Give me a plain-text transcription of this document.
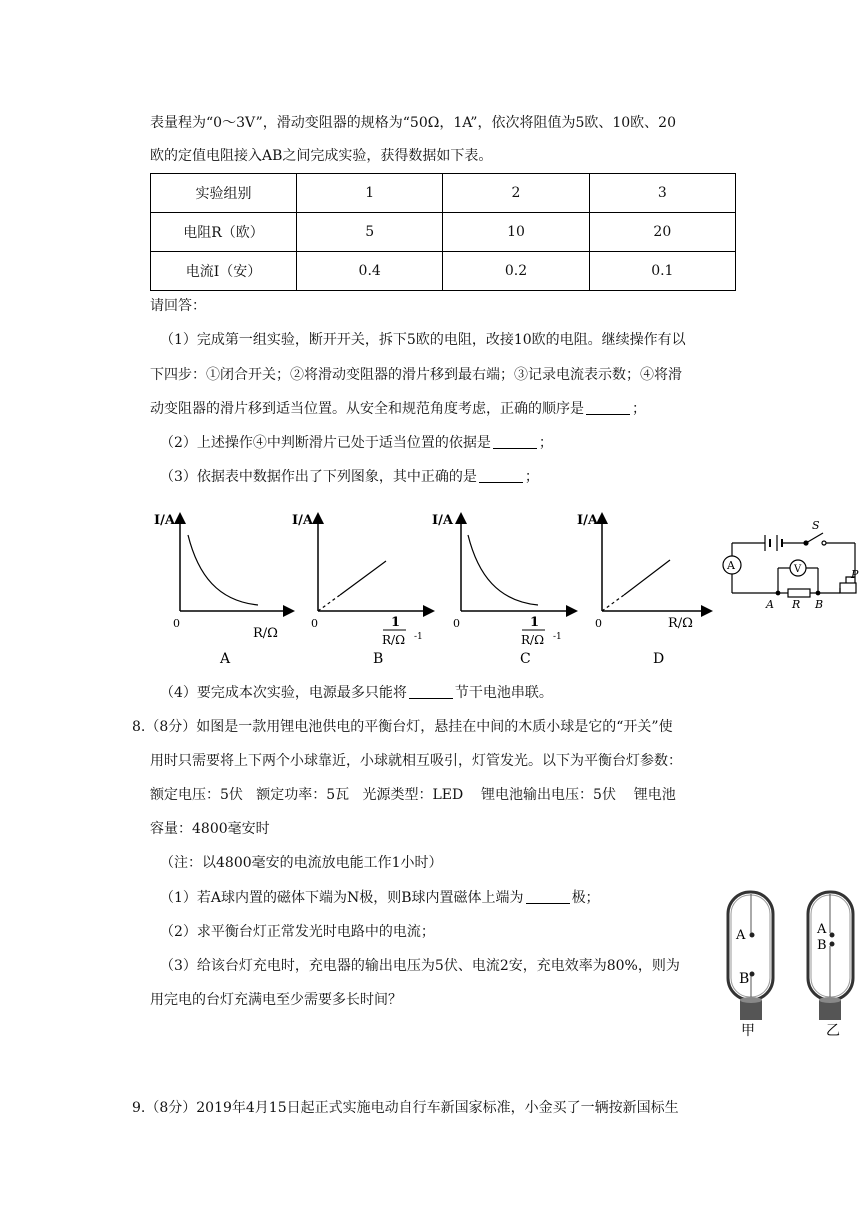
表量程为“0～3V”，滑动变阻器的规格为“50Ω，1A”，依次将阻值为5欧、10欧、20
欧的定值电阻接入AB之间完成实验，获得数据如下表。
实验组别	1	2	3
电阻R（欧）	5	10	20
电流I（安）	0.4	0.2	0.1
请回答：
（1）完成第一组实验，断开开关，拆下5欧的电阻，改接10欧的电阻。继续操作有以
下四步：①闭合开关；②将滑动变阻器的滑片移到最右端；③记录电流表示数；④将滑
动变阻器的滑片移到适当位置。从安全和规范角度考虑，正确的顺序是	；
（2）上述操作④中判断滑片已处于适当位置的依据是	；
（3）依据表中数据作出了下列图象，其中正确的是	；
I/A
0
R/Ω
A
I/A
0	1
R/Ω -1
B
I/A
0	1
R/Ω -1
C
I/A
0	R/Ω
D
S
A	V	P
A R B
（4）要完成本次实验，电源最多只能将	节干电池串联。
8.（8分）如图是一款用锂电池供电的平衡台灯，悬挂在中间的木质小球是它的“开关”使
用时只需要将上下两个小球靠近，小球就相互吸引，灯管发光。以下为平衡台灯参数：
额定电压：5伏   额定功率：5瓦   光源类型：LED    锂电池输出电压：5伏    锂电池
容量：4800毫安时
（注：以4800毫安的电流放电能工作1小时）
（1）若A球内置的磁体下端为N极，则B球内置磁体上端为	极；
（2）求平衡台灯正常发光时电路中的电流；
（3）给该台灯充电时，充电器的输出电压为5伏、电流2安，充电效率为80%，则为
用完电的台灯充满电至少需要多长时间？
A
B
甲
A
B
乙
9.（8分）2019年4月15日起正式实施电动自行车新国家标准，小金买了一辆按新国标生
